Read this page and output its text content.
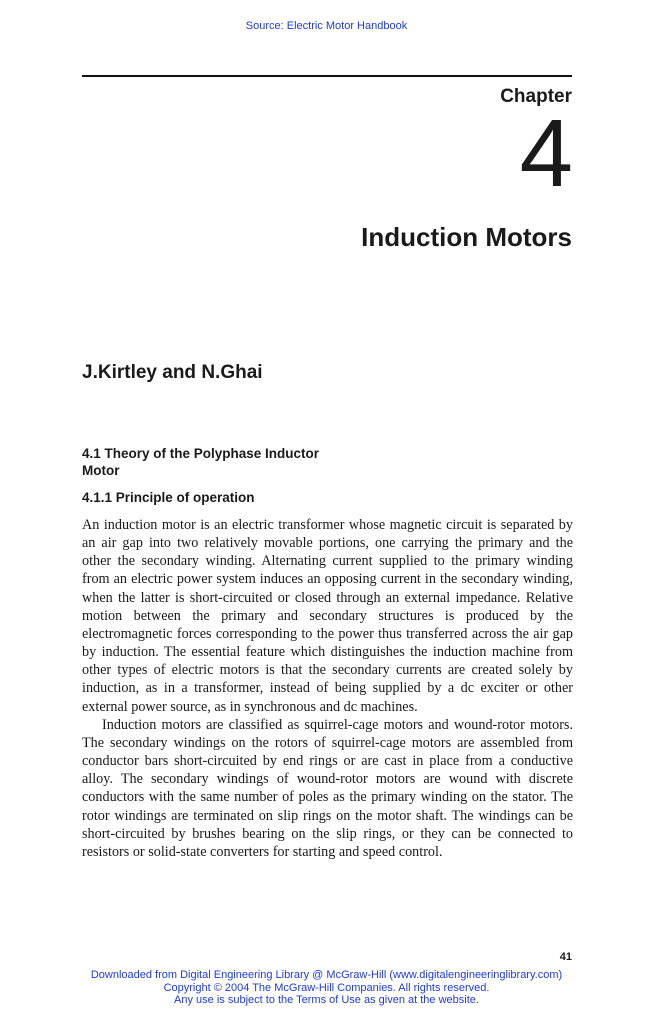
Source: Electric Motor Handbook
Chapter
4
Induction Motors
J.Kirtley and N.Ghai
4.1 Theory of the Polyphase Inductor Motor
4.1.1 Principle of operation

An induction motor is an electric transformer whose magnetic circuit is separated by an air gap into two relatively movable portions, one carrying the primary and the other the secondary winding. Alternating current supplied to the primary winding from an electric power system induces an opposing current in the secondary winding, when the latter is short-circuited or closed through an external impedance. Relative motion between the primary and secondary structures is produced by the electromagnetic forces corresponding to the power thus transferred across the air gap by induction. The essential feature which distinguishes the induction machine from other types of electric motors is that the secondary currents are created solely by induction, as in a transformer, instead of being supplied by a dc exciter or other external power source, as in synchronous and dc machines.

Induction motors are classified as squirrel-cage motors and wound-rotor motors. The secondary windings on the rotors of squirrel-cage motors are assembled from conductor bars short-circuited by end rings or are cast in place from a conductive alloy. The secondary windings of wound-rotor motors are wound with discrete conductors with the same number of poles as the primary winding on the stator. The rotor windings are terminated on slip rings on the motor shaft. The windings can be short-circuited by brushes bearing on the slip rings, or they can be connected to resistors or solid-state converters for starting and speed control.

41
Downloaded from Digital Engineering Library @ McGraw-Hill (www.digitalengineeringlibrary.com)
Copyright © 2004 The McGraw-Hill Companies. All rights reserved.
Any use is subject to the Terms of Use as given at the website.
